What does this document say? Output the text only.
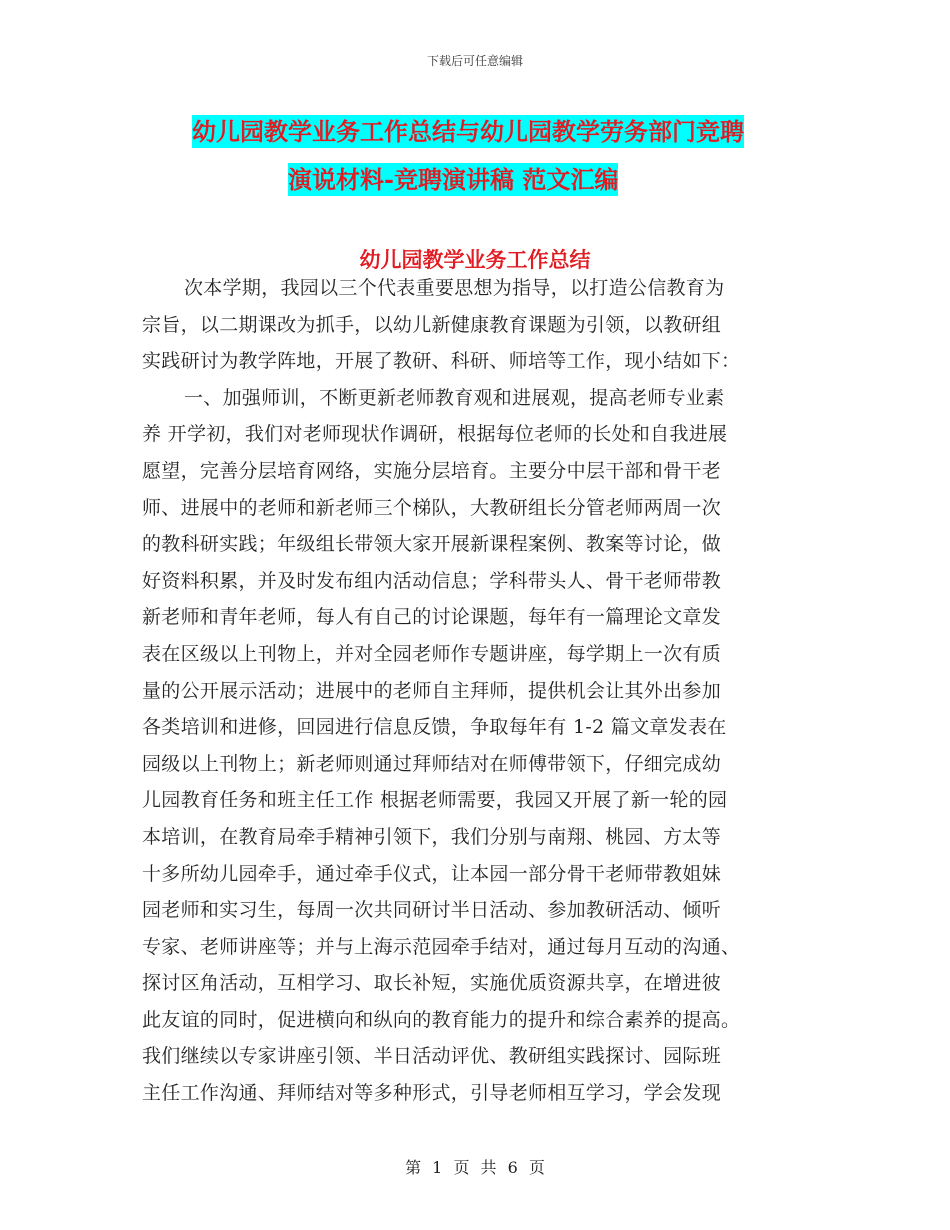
下载后可任意编辑
幼儿园教学业务工作总结与幼儿园教学劳务部门竞聘
演说材料-竞聘演讲稿 范文汇编
幼儿园教学业务工作总结
次本学期，我园以三个代表重要思想为指导，以打造公信教育为
宗旨，以二期课改为抓手，以幼儿新健康教育课题为引领，以教研组
实践研讨为教学阵地，开展了教研、科研、师培等工作，现小结如下：
一、加强师训，不断更新老师教育观和进展观，提高老师专业素
养 开学初，我们对老师现状作调研，根据每位老师的长处和自我进展
愿望，完善分层培育网络，实施分层培育。主要分中层干部和骨干老
师、进展中的老师和新老师三个梯队，大教研组长分管老师两周一次
的教科研实践；年级组长带领大家开展新课程案例、教案等讨论，做
好资料积累，并及时发布组内活动信息；学科带头人、骨干老师带教
新老师和青年老师，每人有自己的讨论课题，每年有一篇理论文章发
表在区级以上刊物上，并对全园老师作专题讲座，每学期上一次有质
量的公开展示活动；进展中的老师自主拜师，提供机会让其外出参加
各类培训和进修，回园进行信息反馈，争取每年有 1-2 篇文章发表在
园级以上刊物上；新老师则通过拜师结对在师傅带领下，仔细完成幼
儿园教育任务和班主任工作 根据老师需要，我园又开展了新一轮的园
本培训，在教育局牵手精神引领下，我们分别与南翔、桃园、方太等
十多所幼儿园牵手，通过牵手仪式，让本园一部分骨干老师带教姐妹
园老师和实习生，每周一次共同研讨半日活动、参加教研活动、倾听
专家、老师讲座等；并与上海示范园牵手结对，通过每月互动的沟通、
探讨区角活动，互相学习、取长补短，实施优质资源共享，在增进彼
此友谊的同时，促进横向和纵向的教育能力的提升和综合素养的提高。
我们继续以专家讲座引领、半日活动评优、教研组实践探讨、园际班
主任工作沟通、拜师结对等多种形式，引导老师相互学习，学会发现
第 1 页 共 6 页
